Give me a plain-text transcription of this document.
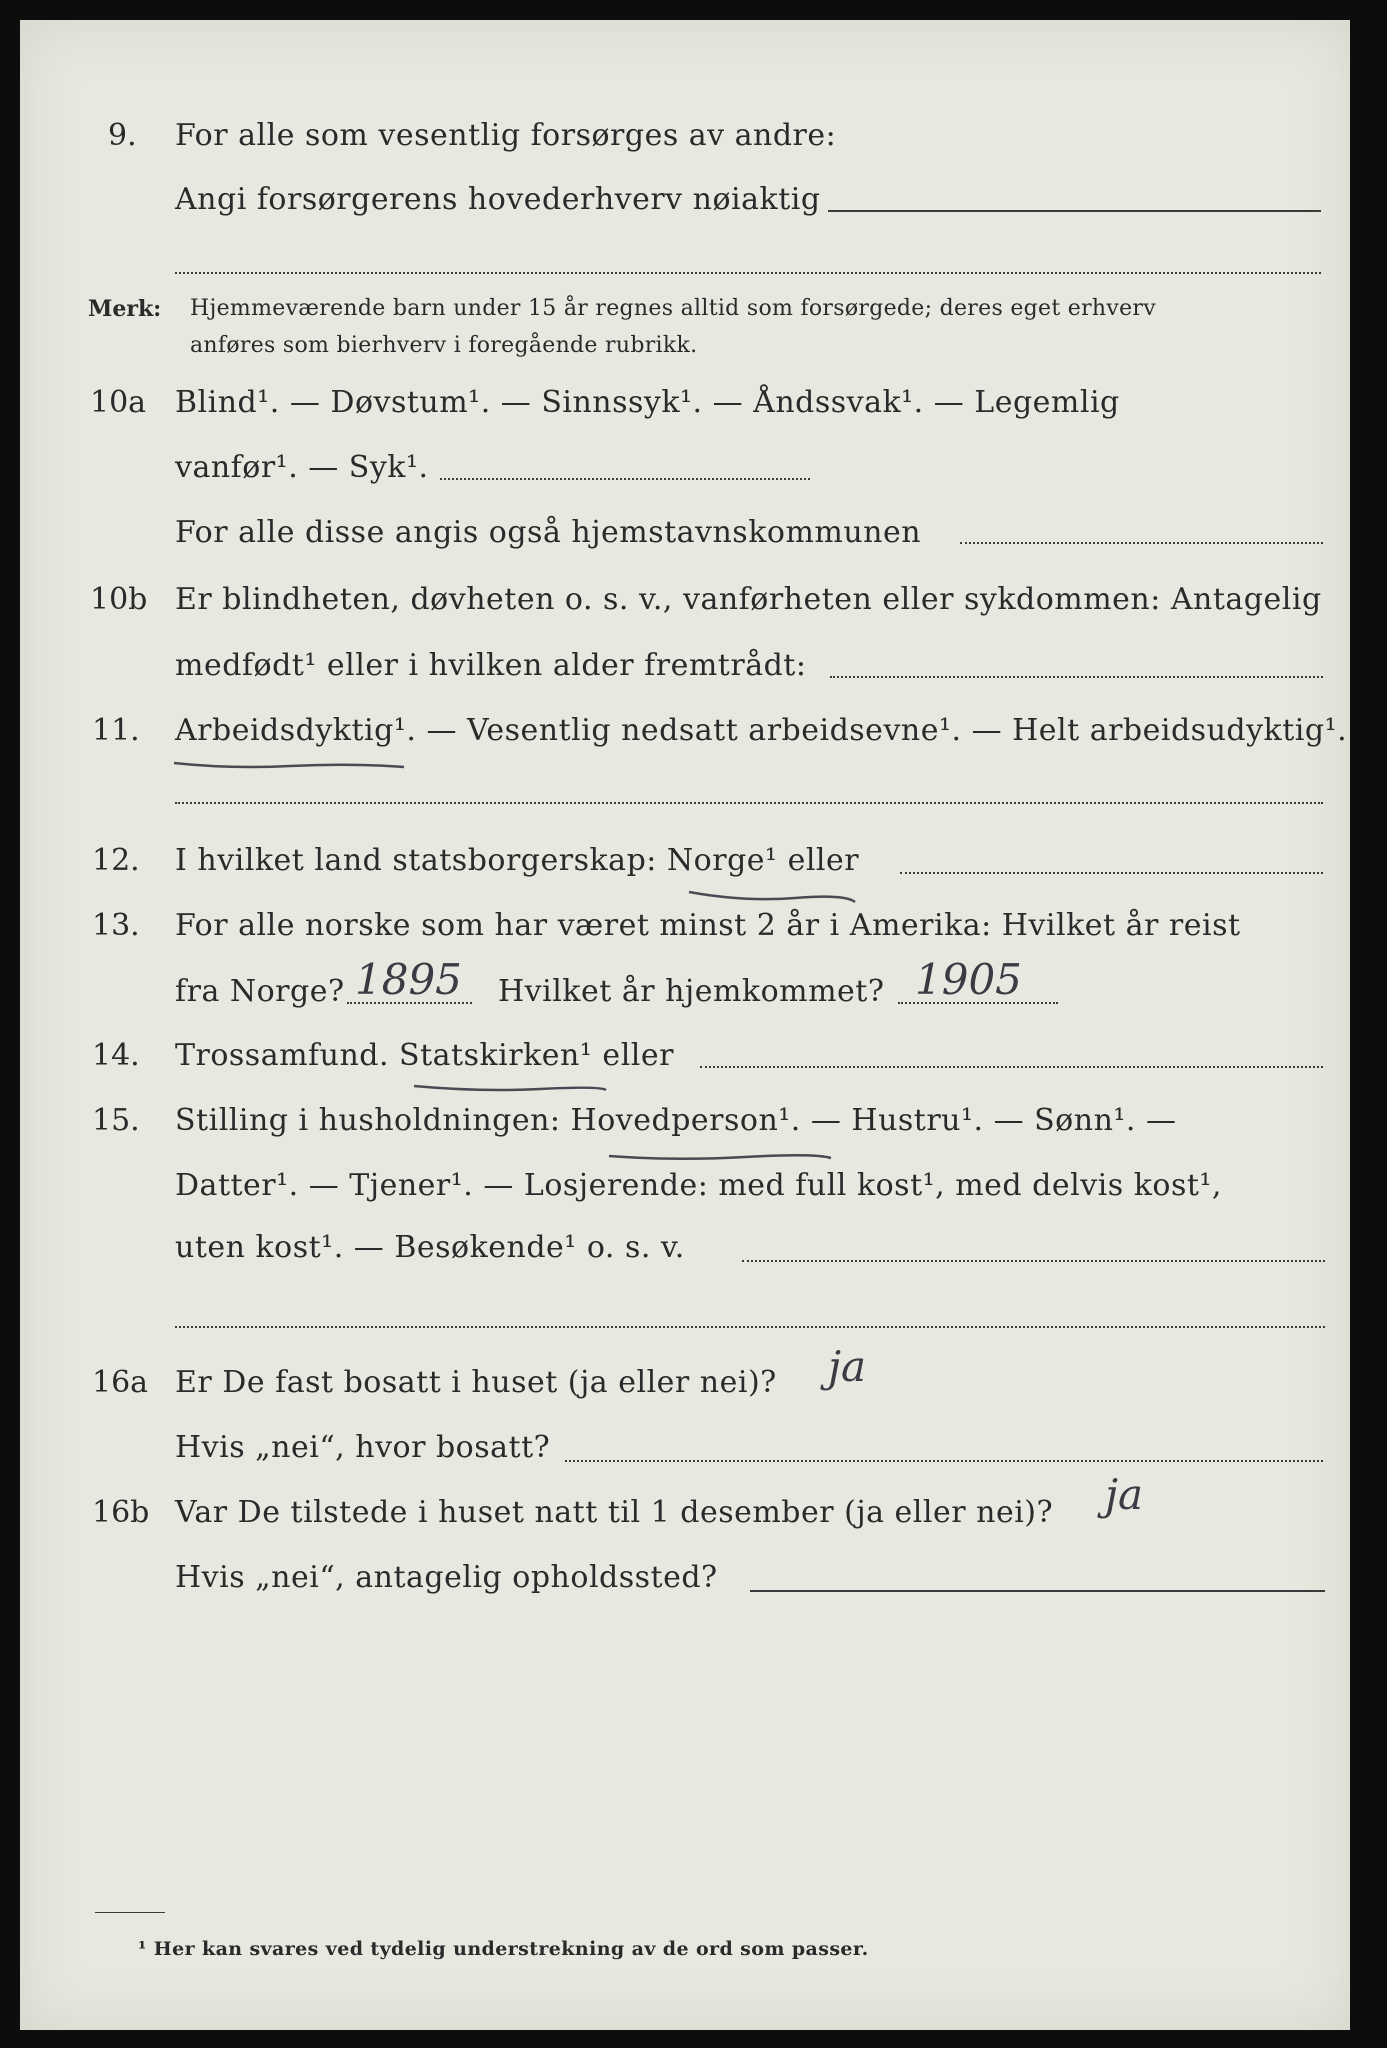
9. For alle som vesentlig forsørges av andre:
Angi forsørgerens hovederhverv nøiaktig
Merk: Hjemmeværende barn under 15 år regnes alltid som forsørgede; deres eget erhverv
anføres som bierhverv i foregående rubrikk.
10a Blind¹. — Døvstum¹. — Sinnssyk¹. — Åndssvak¹. — Legemlig
vanfør¹. — Syk¹.
For alle disse angis også hjemstavnskommunen
10b Er blindheten, døvheten o. s. v., vanførheten eller sykdommen: Antagelig
medfødt¹ eller i hvilken alder fremtrådt:
11. Arbeidsdyktig¹. — Vesentlig nedsatt arbeidsevne¹. — Helt arbeidsudyktig¹.
12. I hvilket land statsborgerskap: Norge¹ eller
13. For alle norske som har været minst 2 år i Amerika: Hvilket år reist
fra Norge? 1895 Hvilket år hjemkommet? 1905
14. Trossamfund. Statskirken¹ eller
15. Stilling i husholdningen: Hovedperson¹. — Hustru¹. — Sønn¹. —
Datter¹. — Tjener¹. — Losjerende: med full kost¹, med delvis kost¹,
uten kost¹. — Besøkende¹ o. s. v.
16a Er De fast bosatt i huset (ja eller nei)? ja
Hvis „nei“, hvor bosatt?
16b Var De tilstede i huset natt til 1 desember (ja eller nei)? ja
Hvis „nei“, antagelig opholdssted?
¹ Her kan svares ved tydelig understrekning av de ord som passer.
